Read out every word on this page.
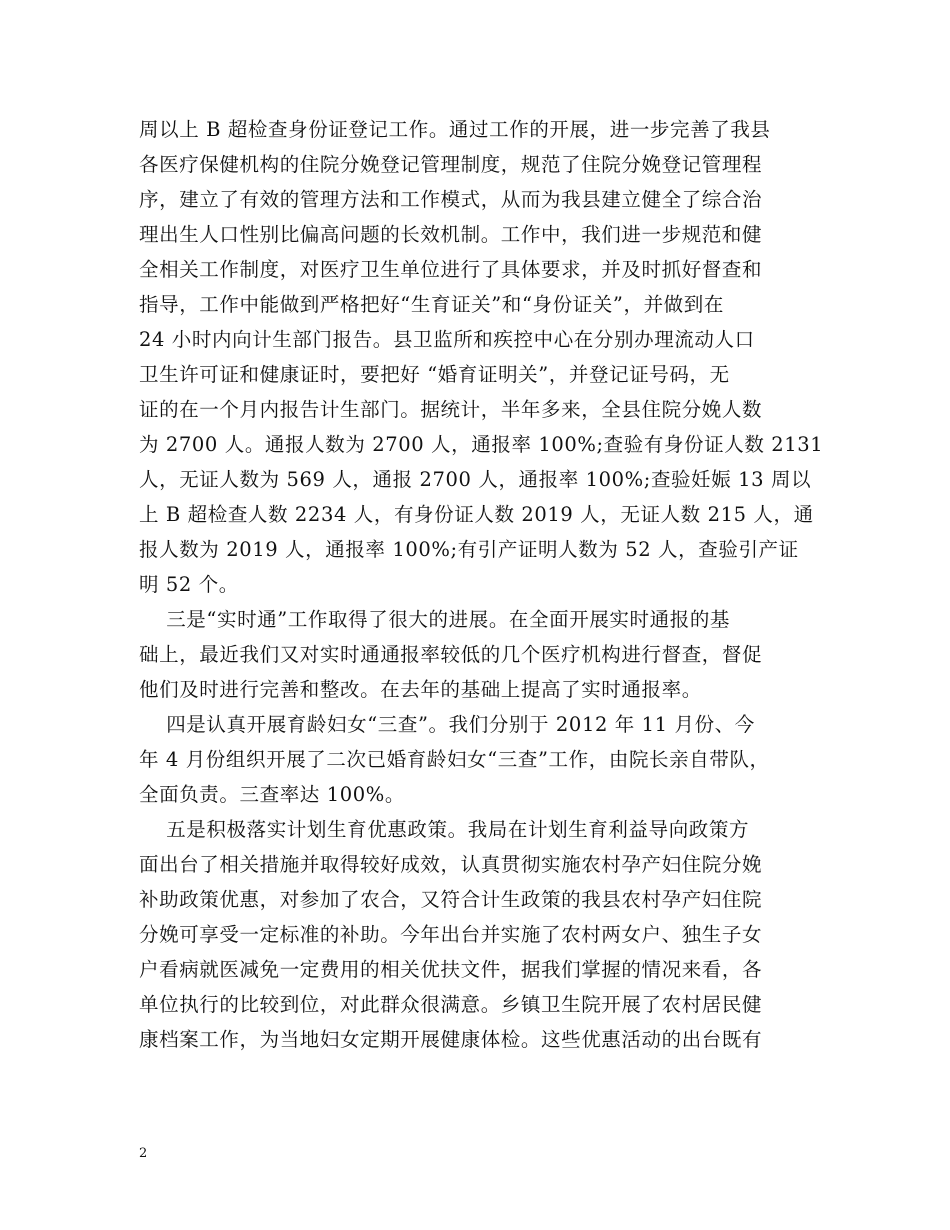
周以上 B 超检查身份证登记工作。通过工作的开展，进一步完善了我县
各医疗保健机构的住院分娩登记管理制度，规范了住院分娩登记管理程
序，建立了有效的管理方法和工作模式，从而为我县建立健全了综合治
理出生人口性别比偏高问题的长效机制。工作中，我们进一步规范和健
全相关工作制度，对医疗卫生单位进行了具体要求，并及时抓好督查和
指导，工作中能做到严格把好“生育证关”和“身份证关”，并做到在
24 小时内向计生部门报告。县卫监所和疾控中心在分别办理流动人口
卫生许可证和健康证时，要把好 “婚育证明关”，并登记证号码，无
证的在一个月内报告计生部门。据统计，半年多来，全县住院分娩人数
为 2700 人。通报人数为 2700 人，通报率 100%;查验有身份证人数 2131
人，无证人数为 569 人，通报 2700 人，通报率 100%;查验妊娠 13 周以
上 B 超检查人数 2234 人，有身份证人数 2019 人，无证人数 215 人，通
报人数为 2019 人，通报率 100%;有引产证明人数为 52 人，查验引产证
明 52 个。
三是“实时通”工作取得了很大的进展。在全面开展实时通报的基
础上，最近我们又对实时通通报率较低的几个医疗机构进行督查，督促
他们及时进行完善和整改。在去年的基础上提高了实时通报率。
四是认真开展育龄妇女“三查”。我们分别于 2012 年 11 月份、今
年 4 月份组织开展了二次已婚育龄妇女“三查”工作，由院长亲自带队，
全面负责。三查率达 100%。
五是积极落实计划生育优惠政策。我局在计划生育利益导向政策方
面出台了相关措施并取得较好成效，认真贯彻实施农村孕产妇住院分娩
补助政策优惠，对参加了农合，又符合计生政策的我县农村孕产妇住院
分娩可享受一定标准的补助。今年出台并实施了农村两女户、独生子女
户看病就医减免一定费用的相关优扶文件，据我们掌握的情况来看，各
单位执行的比较到位，对此群众很满意。乡镇卫生院开展了农村居民健
康档案工作，为当地妇女定期开展健康体检。这些优惠活动的出台既有
2
